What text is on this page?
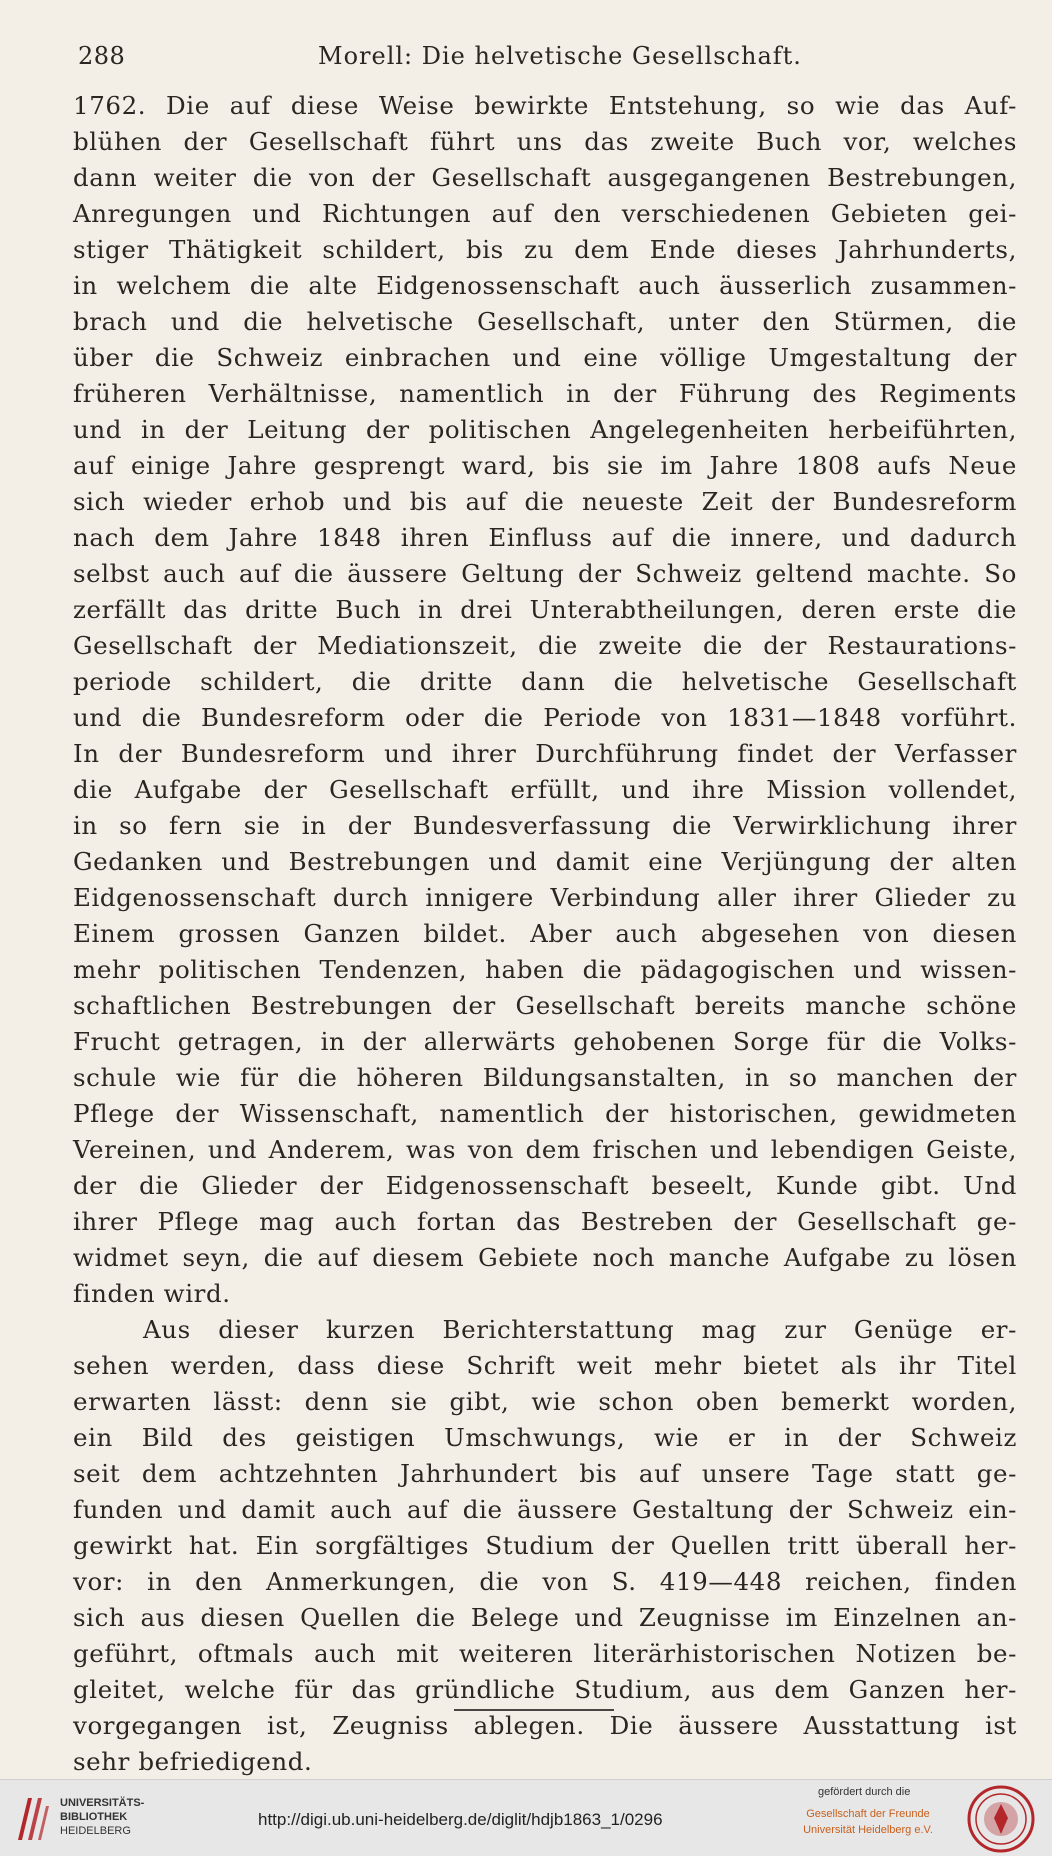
288	Morell: Die helvetische Gesellschaft.
1762. Die auf diese Weise bewirkte Entstehung, so wie das Auf-
blühen der Gesellschaft führt uns das zweite Buch vor, welches
dann weiter die von der Gesellschaft ausgegangenen Bestrebungen,
Anregungen und Richtungen auf den verschiedenen Gebieten gei-
stiger Thätigkeit schildert, bis zu dem Ende dieses Jahrhunderts,
in welchem die alte Eidgenossenschaft auch äusserlich zusammen-
brach und die helvetische Gesellschaft, unter den Stürmen, die
über die Schweiz einbrachen und eine völlige Umgestaltung der
früheren Verhältnisse, namentlich in der Führung des Regiments
und in der Leitung der politischen Angelegenheiten herbeiführten,
auf einige Jahre gesprengt ward, bis sie im Jahre 1808 aufs Neue
sich wieder erhob und bis auf die neueste Zeit der Bundesreform
nach dem Jahre 1848 ihren Einfluss auf die innere, und dadurch
selbst auch auf die äussere Geltung der Schweiz geltend machte. So
zerfällt das dritte Buch in drei Unterabtheilungen, deren erste die
Gesellschaft der Mediationszeit, die zweite die der Restaurations-
periode schildert, die dritte dann die helvetische Gesellschaft
und die Bundesreform oder die Periode von 1831—1848 vorführt.
In der Bundesreform und ihrer Durchführung findet der Verfasser
die Aufgabe der Gesellschaft erfüllt, und ihre Mission vollendet,
in so fern sie in der Bundesverfassung die Verwirklichung ihrer
Gedanken und Bestrebungen und damit eine Verjüngung der alten
Eidgenossenschaft durch innigere Verbindung aller ihrer Glieder zu
Einem grossen Ganzen bildet. Aber auch abgesehen von diesen
mehr politischen Tendenzen, haben die pädagogischen und wissen-
schaftlichen Bestrebungen der Gesellschaft bereits manche schöne
Frucht getragen, in der allerwärts gehobenen Sorge für die Volks-
schule wie für die höheren Bildungsanstalten, in so manchen der
Pflege der Wissenschaft, namentlich der historischen, gewidmeten
Vereinen, und Anderem, was von dem frischen und lebendigen Geiste,
der die Glieder der Eidgenossenschaft beseelt, Kunde gibt. Und
ihrer Pflege mag auch fortan das Bestreben der Gesellschaft ge-
widmet seyn, die auf diesem Gebiete noch manche Aufgabe zu lösen
finden wird.
Aus dieser kurzen Berichterstattung mag zur Genüge er-
sehen werden, dass diese Schrift weit mehr bietet als ihr Titel
erwarten lässt: denn sie gibt, wie schon oben bemerkt worden,
ein Bild des geistigen Umschwungs, wie er in der Schweiz
seit dem achtzehnten Jahrhundert bis auf unsere Tage statt ge-
funden und damit auch auf die äussere Gestaltung der Schweiz ein-
gewirkt hat. Ein sorgfältiges Studium der Quellen tritt überall her-
vor: in den Anmerkungen, die von S. 419—448 reichen, finden
sich aus diesen Quellen die Belege und Zeugnisse im Einzelnen an-
geführt, oftmals auch mit weiteren literärhistorischen Notizen be-
gleitet, welche für das gründliche Studium, aus dem Ganzen her-
vorgegangen ist, Zeugniss ablegen. Die äussere Ausstattung ist
sehr befriedigend.
UNIVERSITÄTS-
BIBLIOTHEK
HEIDELBERG
http://digi.ub.uni-heidelberg.de/diglit/hdjb1863_1/0296
gefördert durch die
Gesellschaft der Freunde
Universität Heidelberg e.V.
